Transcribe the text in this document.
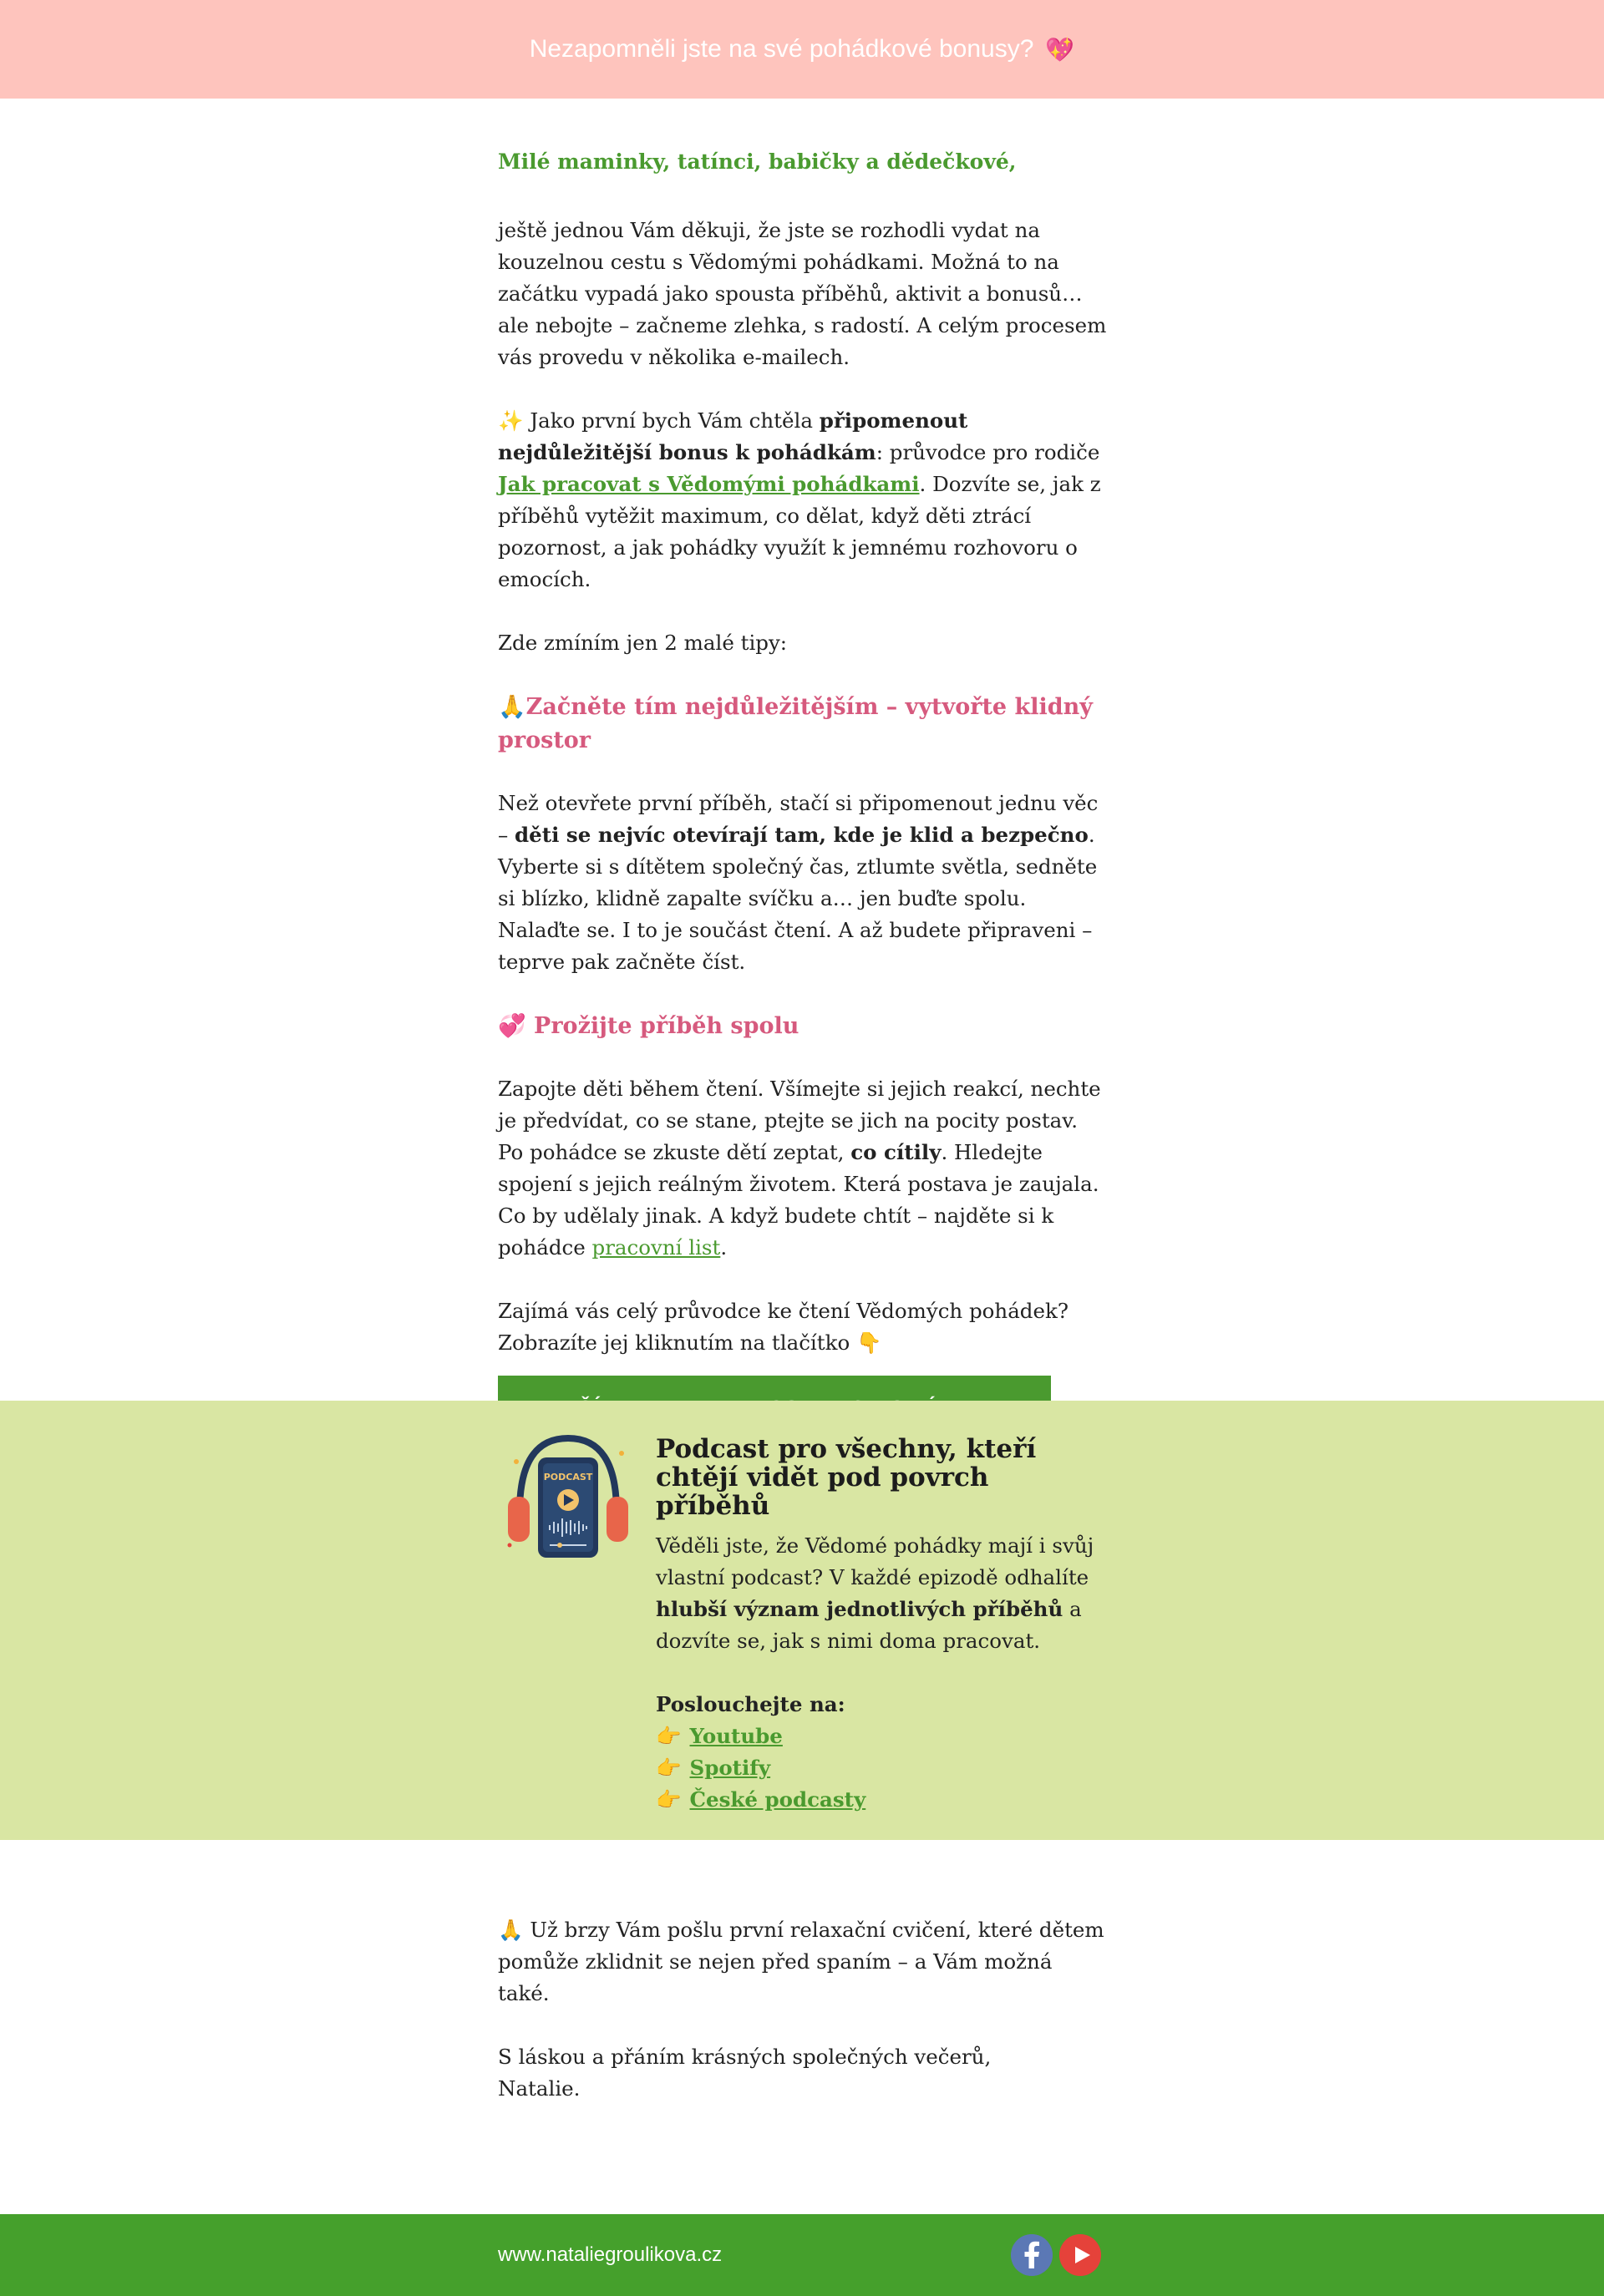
Nezapomněli jste na své pohádkové bonusy? 💖

Milé maminky, tatínci, babičky a dědečkové,

ještě jednou Vám děkuji, že jste se rozhodli vydat na kouzelnou cestu s Vědomými pohádkami. Možná to na začátku vypadá jako spousta příběhů, aktivit a bonusů… ale nebojte – začneme zlehka, s radostí. A celým procesem vás provedu v několika e-mailech.

✨ Jako první bych Vám chtěla připomenout nejdůležitější bonus k pohádkám: průvodce pro rodiče Jak pracovat s Vědomými pohádkami. Dozvíte se, jak z příběhů vytěžit maximum, co dělat, když děti ztrácí pozornost, a jak pohádky využít k jemnému rozhovoru o emocích.

Zde zmíním jen 2 malé tipy:

🙏Začněte tím nejdůležitějším – vytvořte klidný prostor

Než otevřete první příběh, stačí si připomenout jednu věc – děti se nejvíc otevírají tam, kde je klid a bezpečno. Vyberte si s dítětem společný čas, ztlumte světla, sedněte si blízko, klidně zapalte svíčku a… jen buďte spolu. Nalaďte se. I to je součást čtení. A až budete připraveni – teprve pak začněte číst.

💞 Prožijte příběh spolu

Zapojte děti během čtení. Všímejte si jejich reakcí, nechte je předvídat, co se stane, ptejte se jich na pocity postav. Po pohádce se zkuste dětí zeptat, co cítily. Hledejte spojení s jejich reálným životem. Která postava je zaujala. Co by udělaly jinak. A když budete chtít – najděte si k pohádce pracovní list.

Zajímá vás celý průvodce ke čtení Vědomých pohádek? Zobrazíte jej kliknutím na tlačítko 👇

PODCAST
Podcast pro všechny, kteří chtějí vidět pod povrch příběhů

Věděli jste, že Vědomé pohádky mají i svůj vlastní podcast? V každé epizodě odhalíte hlubší význam jednotlivých příběhů a dozvíte se, jak s nimi doma pracovat.

Poslouchejte na:

👉 Youtube
👉 Spotify
👉 České podcasty

🙏 Už brzy Vám pošlu první relaxační cvičení, které dětem pomůže zklidnit se nejen před spaním – a Vám možná také.

S láskou a přáním krásných společných večerů,

Natalie.

www.nataliegroulikova.cz
